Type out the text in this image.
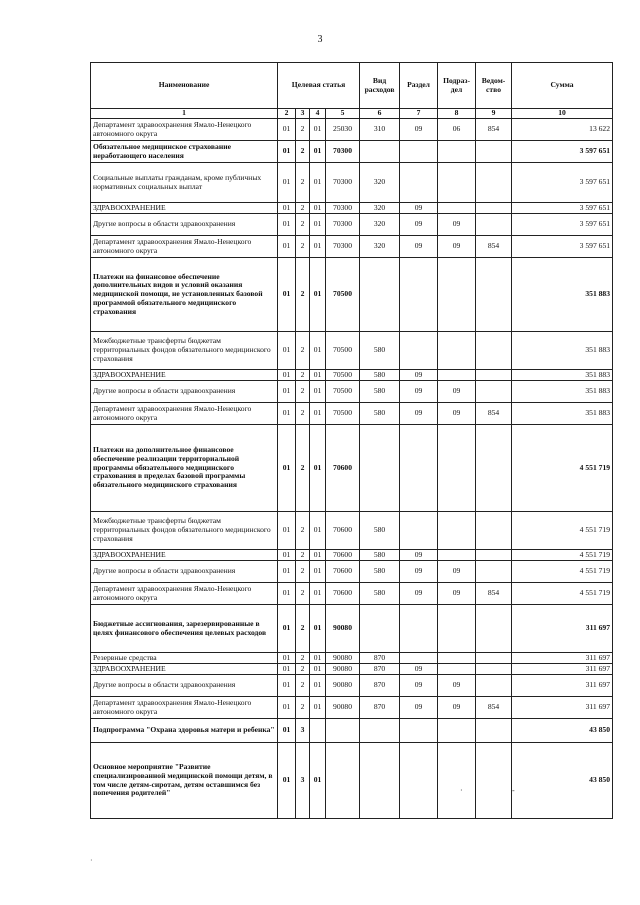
3
Наименование	Целевая статья				Вид расходов	Раздел	Подраз-дел	Ведом-ство	Сумма
1	2	3	4	5	6	7	8	9	10
Департамент здравоохранения Ямало-Ненецкого автономного округа	01	2	01	25030	310	09	06	854	13 622
Обязательное медицинское страхование неработающего населения	01	2	01	70300					3 597 651
Социальные выплаты гражданам, кроме публичных нормативных социальных выплат	01	2	01	70300	320				3 597 651
ЗДРАВООХРАНЕНИЕ	01	2	01	70300	320	09			3 597 651
Другие вопросы в области здравоохранения	01	2	01	70300	320	09	09		3 597 651
Департамент здравоохранения Ямало-Ненецкого автономного округа	01	2	01	70300	320	09	09	854	3 597 651
Платежи на финансовое обеспечение дополнительных видов и условий оказания медицинской помощи, не установленных базовой программой обязательного медицинского страхования	01	2	01	70500					351 883
Межбюджетные трансферты бюджетам территориальных фондов обязательного медицинского страхования	01	2	01	70500	580				351 883
ЗДРАВООХРАНЕНИЕ	01	2	01	70500	580	09			351 883
Другие вопросы в области здравоохранения	01	2	01	70500	580	09	09		351 883
Департамент здравоохранения Ямало-Ненецкого автономного округа	01	2	01	70500	580	09	09	854	351 883
Платежи на дополнительное финансовое обеспечение реализации территориальной программы обязательного медицинского страхования в пределах базовой программы обязательного медицинского страхования	01	2	01	70600					4 551 719
Межбюджетные трансферты бюджетам территориальных фондов обязательного медицинского страхования	01	2	01	70600	580				4 551 719
ЗДРАВООХРАНЕНИЕ	01	2	01	70600	580	09			4 551 719
Другие вопросы в области здравоохранения	01	2	01	70600	580	09	09		4 551 719
Департамент здравоохранения Ямало-Ненецкого автономного округа	01	2	01	70600	580	09	09	854	4 551 719
Бюджетные ассигнования, зарезервированные в целях финансового обеспечения целевых расходов	01	2	01	90080					311 697
Резервные средства	01	2	01	90080	870				311 697
ЗДРАВООХРАНЕНИЕ	01	2	01	90080	870	09			311 697
Другие вопросы в области здравоохранения	01	2	01	90080	870	09	09		311 697
Департамент здравоохранения Ямало-Ненецкого автономного округа	01	2	01	90080	870	09	09	854	311 697
Подпрограмма "Охрана здоровья матери и ребенка"	01	3							43 850
Основное мероприятие "Развитие специализированной медицинской помощи детям, в том числе детям-сиротам, детям оставшимся без попечения родителей"	01	3	01						43 850
-
·
·
